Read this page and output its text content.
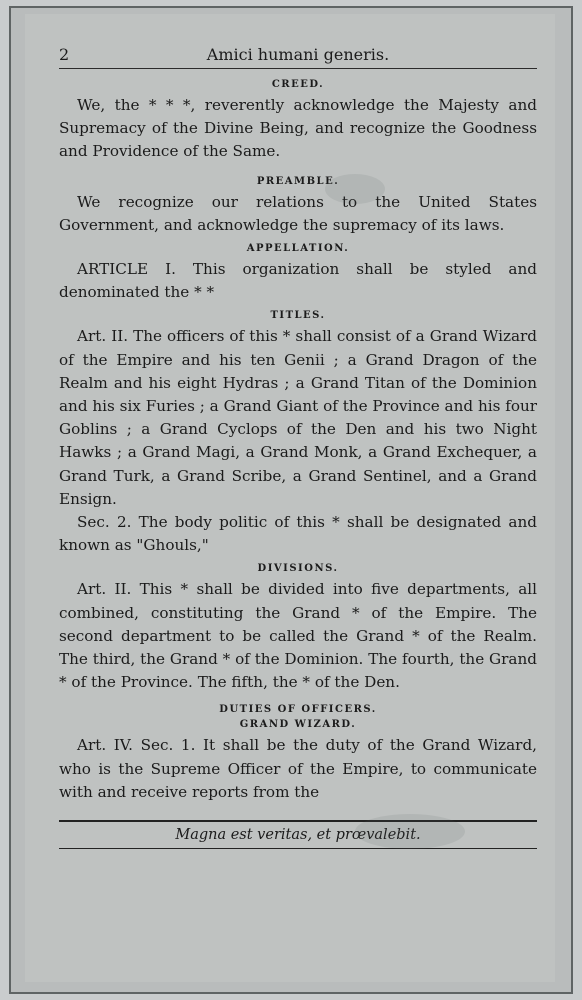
2	Amici humani generis.
CREED.

We, the * * *, reverently acknowledge the Majesty and Supremacy of the Divine Being, and recognize the Goodness and Providence of the Same.

PREAMBLE.

We recognize our relations to the United States Government, and acknowledge the supremacy of its laws.

APPELLATION.

ARTICLE I. This organization shall be styled and denominated the * *

TITLES.

Art. II. The officers of this * shall consist of a Grand Wizard of the Empire and his ten Genii ; a Grand Dragon of the Realm and his eight Hydras ; a Grand Titan of the Dominion and his six Furies ; a Grand Giant of the Province and his four Goblins ; a Grand Cyclops of the Den and his two Night Hawks ; a Grand Magi, a Grand Monk, a Grand Exchequer, a Grand Turk, a Grand Scribe, a Grand Sentinel, and a Grand Ensign.

Sec. 2. The body politic of this * shall be designated and known as "Ghouls,"

DIVISIONS.

Art. II. This * shall be divided into five departments, all combined, constituting the Grand * of the Empire. The second department to be called the Grand * of the Realm. The third, the Grand * of the Dominion. The fourth, the Grand * of the Province. The fifth, the * of the Den.

DUTIES OF OFFICERS.
GRAND WIZARD.

Art. IV. Sec. 1. It shall be the duty of the Grand Wizard, who is the Supreme Officer of the Empire, to communicate with and receive reports from the

Magna est veritas, et prœvalebit.
